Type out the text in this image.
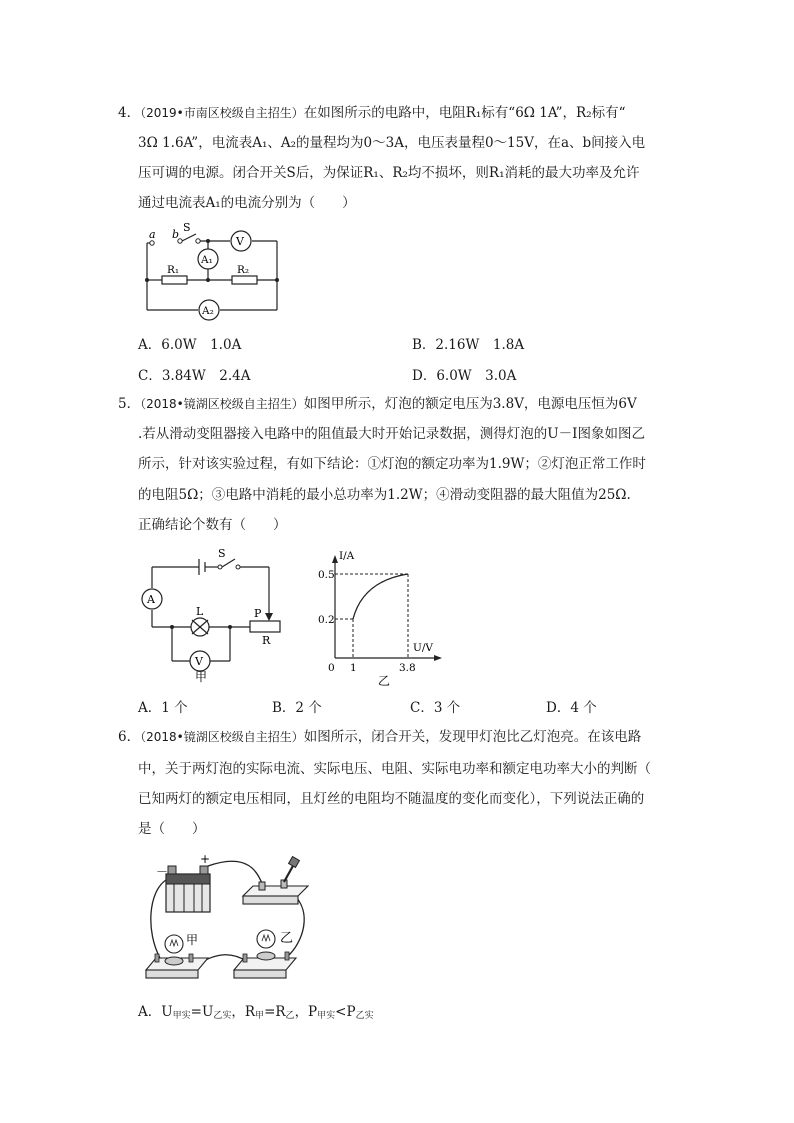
4．（2019•市南区校级自主招生）在如图所示的电路中，电阻R₁标有“6Ω 1A”，R₂标有“
3Ω 1.6A”，电流表A₁、A₂的量程均为0～3A，电压表量程0～15V，在a、b间接入电
压可调的电源。闭合开关S后，为保证R₁、R₂均不损坏，则R₁消耗的最大功率及允许
通过电流表A₁的电流分别为（　　）
a b
S
V
A₁
A₂
R₁	R₂
A．6.0W　1.0A	B．2.16W　1.8A
C．3.84W　2.4A	D．6.0W　3.0A
5．（2018•镜湖区校级自主招生）如图甲所示，灯泡的额定电压为3.8V，电源电压恒为6V
.若从滑动变阻器接入电路中的阻值最大时开始记录数据，测得灯泡的U－I图象如图乙
所示，针对该实验过程，有如下结论：①灯泡的额定功率为1.9W；②灯泡正常工作时
的电阻5Ω；③电路中消耗的最小总功率为1.2W；④滑动变阻器的最大阻值为25Ω.
正确结论个数有（　　）
S
A
L	P
R
V
甲
I/A
U/V
0.5
0.2
0 1	3.8
乙
A．1 个	B．2 个	C．3 个	D．4 个
6．（2018•镜湖区校级自主招生）如图所示，闭合开关，发现甲灯泡比乙灯泡亮。在该电路
中，关于两灯泡的实际电流、实际电压、电阻、实际电功率和额定电功率大小的判断（
已知两灯的额定电压相同，且灯丝的电阻均不随温度的变化而变化），下列说法正确的
是（　　）
－
+
甲	乙
A．$U_{甲实}=U_{乙实}$，$R_甲=R_乙$，$P_{甲实}<P_{乙实}$
